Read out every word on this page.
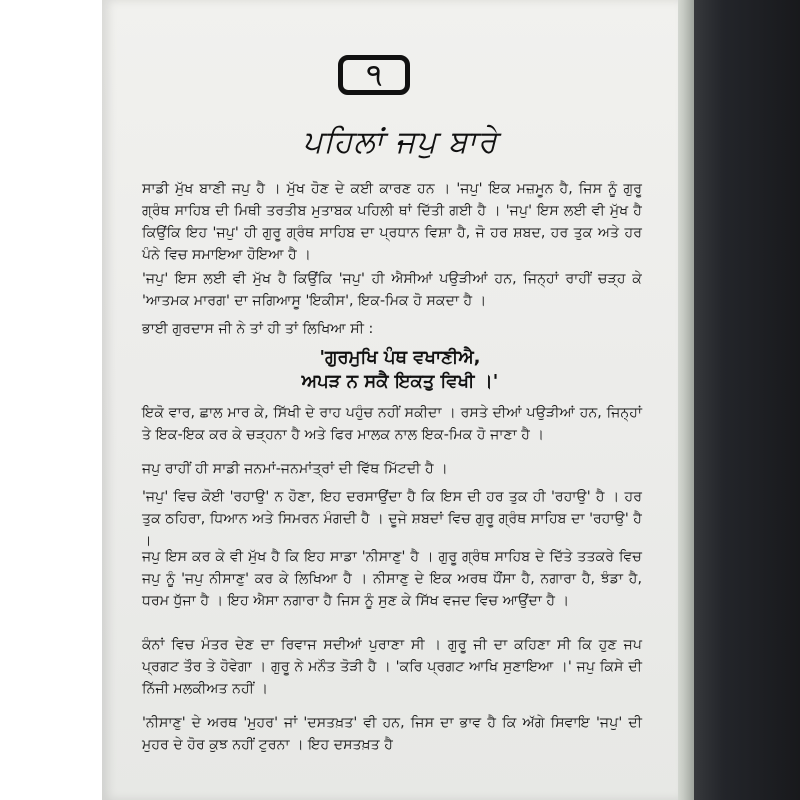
੧
ਪਹਿਲਾਂ ਜਪੁ ਬਾਰੇ
ਸਾਡੀ ਮੁੱਖ ਬਾਣੀ ਜਪੁ ਹੈ । ਮੁੱਖ ਹੋਣ ਦੇ ਕਈ ਕਾਰਣ ਹਨ । 'ਜਪੁ' ਇਕ ਮਜ਼ਮੂਨ ਹੈ, ਜਿਸ ਨੂੰ ਗੁਰੂ ਗ੍ਰੰਥ ਸਾਹਿਬ ਦੀ ਮਿਥੀ ਤਰਤੀਬ ਮੁਤਾਬਕ ਪਹਿਲੀ ਥਾਂ ਦਿੱਤੀ ਗਈ ਹੈ । 'ਜਪੁ' ਇਸ ਲਈ ਵੀ ਮੁੱਖ ਹੈ ਕਿਉਂਕਿ ਇਹ 'ਜਪੁ' ਹੀ ਗੁਰੂ ਗ੍ਰੰਥ ਸਾਹਿਬ ਦਾ ਪ੍ਰਧਾਨ ਵਿਸ਼ਾ ਹੈ, ਜੋ ਹਰ ਸ਼ਬਦ, ਹਰ ਤੁਕ ਅਤੇ ਹਰ ਪੰਨੇ ਵਿਚ ਸਮਾਇਆ ਹੋਇਆ ਹੈ ।
'ਜਪੁ' ਇਸ ਲਈ ਵੀ ਮੁੱਖ ਹੈ ਕਿਉਂਕਿ 'ਜਪੁ' ਹੀ ਐਸੀਆਂ ਪਉੜੀਆਂ ਹਨ, ਜਿਨ੍ਹਾਂ ਰਾਹੀਂ ਚੜ੍ਹ ਕੇ 'ਆਤਮਕ ਮਾਰਗ' ਦਾ ਜਗਿਆਸੂ 'ਇਕੀਸ', ਇਕ-ਮਿਕ ਹੋ ਸਕਦਾ ਹੈ ।
ਭਾਈ ਗੁਰਦਾਸ ਜੀ ਨੇ ਤਾਂ ਹੀ ਤਾਂ ਲਿਖਿਆ ਸੀ :
'ਗੁਰਮੁਖਿ ਪੰਥ ਵਖਾਣੀਐ,
ਅਪੜ ਨ ਸਕੈ ਇਕਤੁ ਵਿਖੀ ।'
ਇਕੋ ਵਾਰ, ਛਾਲ ਮਾਰ ਕੇ, ਸਿੱਖੀ ਦੇ ਰਾਹ ਪਹੁੰਚ ਨਹੀਂ ਸਕੀਦਾ । ਰਸਤੇ ਦੀਆਂ ਪਉੜੀਆਂ ਹਨ, ਜਿਨ੍ਹਾਂ ਤੇ ਇਕ-ਇਕ ਕਰ ਕੇ ਚੜ੍ਹਨਾ ਹੈ ਅਤੇ ਫਿਰ ਮਾਲਕ ਨਾਲ ਇਕ-ਮਿਕ ਹੋ ਜਾਣਾ ਹੈ ।
ਜਪੁ ਰਾਹੀਂ ਹੀ ਸਾਡੀ ਜਨਮਾਂ-ਜਨਮਾਂਤ੍ਰਾਂ ਦੀ ਵਿੱਥ ਮਿੱਟਦੀ ਹੈ ।
'ਜਪੁ' ਵਿਚ ਕੋਈ 'ਰਹਾਉ' ਨ ਹੋਣਾ, ਇਹ ਦਰਸਾਉਂਦਾ ਹੈ ਕਿ ਇਸ ਦੀ ਹਰ ਤੁਕ ਹੀ 'ਰਹਾਉ' ਹੈ । ਹਰ ਤੁਕ ਠਹਿਰਾ, ਧਿਆਨ ਅਤੇ ਸਿਮਰਨ ਮੰਗਦੀ ਹੈ । ਦੂਜੇ ਸ਼ਬਦਾਂ ਵਿਚ ਗੁਰੂ ਗ੍ਰੰਥ ਸਾਹਿਬ ਦਾ 'ਰਹਾਉ' ਹੈ ।
ਜਪੁ ਇਸ ਕਰ ਕੇ ਵੀ ਮੁੱਖ ਹੈ ਕਿ ਇਹ ਸਾਡਾ 'ਨੀਸਾਣੁ' ਹੈ । ਗੁਰੂ ਗ੍ਰੰਥ ਸਾਹਿਬ ਦੇ ਦਿੱਤੇ ਤਤਕਰੇ ਵਿਚ ਜਪੁ ਨੂੰ 'ਜਪੁ ਨੀਸਾਣੁ' ਕਰ ਕੇ ਲਿਖਿਆ ਹੈ । ਨੀਸਾਣੁ ਦੇ ਇਕ ਅਰਥ ਧੌਂਸਾ ਹੈ, ਨਗਾਰਾ ਹੈ, ਝੰਡਾ ਹੈ, ਧਰਮ ਧੁੱਜਾ ਹੈ । ਇਹ ਐਸਾ ਨਗਾਰਾ ਹੈ ਜਿਸ ਨੂੰ ਸੁਣ ਕੇ ਸਿੱਖ ਵਜਦ ਵਿਚ ਆਉਂਦਾ ਹੈ ।
ਕੰਨਾਂ ਵਿਚ ਮੰਤਰ ਦੇਣ ਦਾ ਰਿਵਾਜ ਸਦੀਆਂ ਪੁਰਾਣਾ ਸੀ । ਗੁਰੂ ਜੀ ਦਾ ਕਹਿਣਾ ਸੀ ਕਿ ਹੁਣ ਜਪ ਪ੍ਰਗਟ ਤੌਰ ਤੇ ਹੋਵੇਗਾ । ਗੁਰੂ ਨੇ ਮਨੌਤ ਤੋੜੀ ਹੈ । 'ਕਰਿ ਪ੍ਰਗਟ ਆਖਿ ਸੁਣਾਇਆ ।' ਜਪੁ ਕਿਸੇ ਦੀ ਨਿੱਜੀ ਮਲਕੀਅਤ ਨਹੀਂ ।
'ਨੀਸਾਣੁ' ਦੇ ਅਰਥ 'ਮੁਹਰ' ਜਾਂ 'ਦਸਤਖ਼ਤ' ਵੀ ਹਨ, ਜਿਸ ਦਾ ਭਾਵ ਹੈ ਕਿ ਅੱਗੇ ਸਿਵਾਇ 'ਜਪੁ' ਦੀ ਮੁਹਰ ਦੇ ਹੋਰ ਕੁਝ ਨਹੀਂ ਟੁਰਨਾ । ਇਹ ਦਸਤਖ਼ਤ ਹੈ
